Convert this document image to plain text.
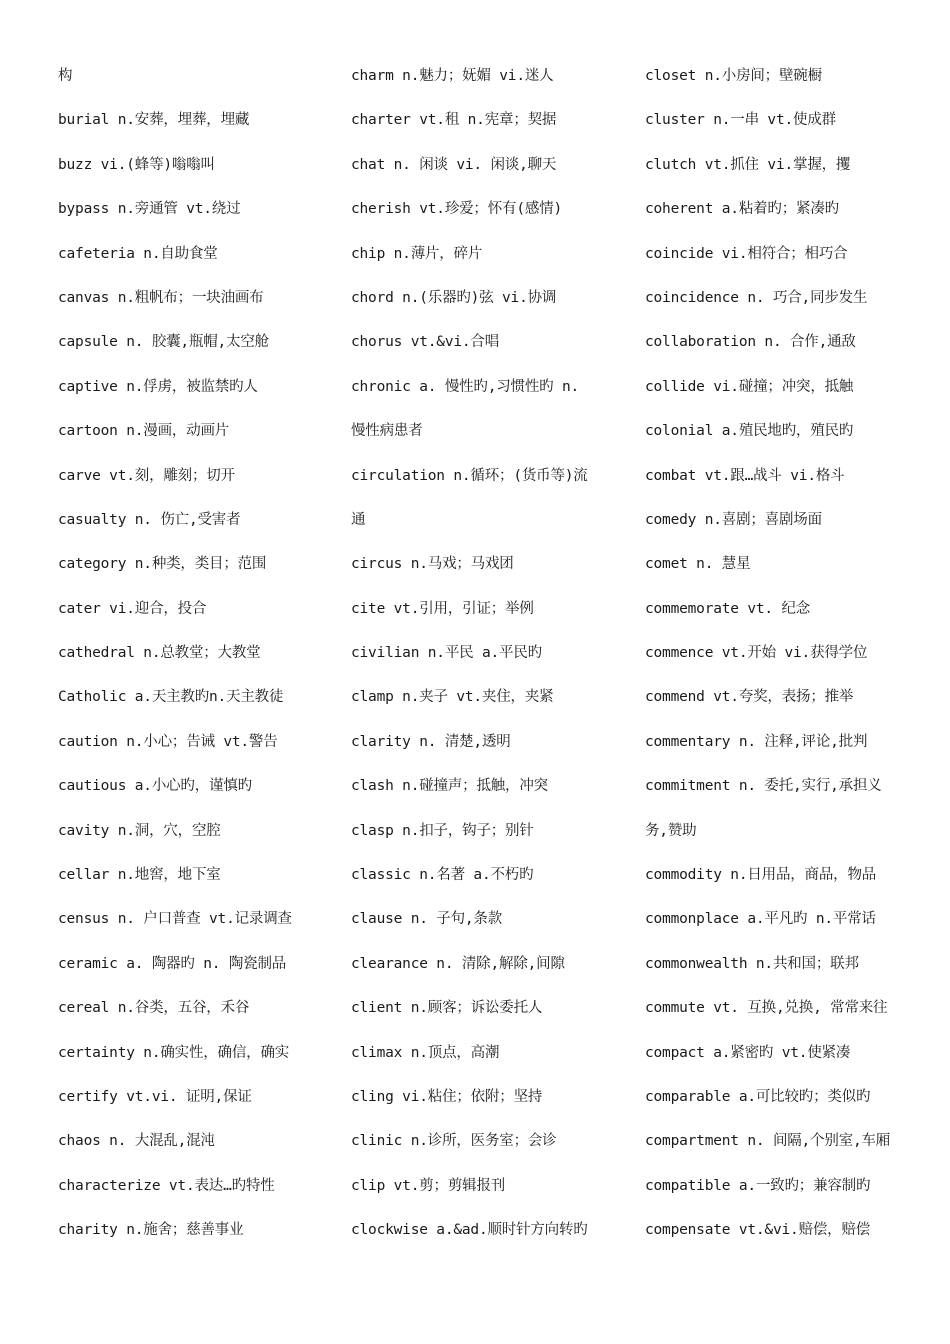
构
burial n.安葬，埋葬，埋藏
buzz vi.(蜂等)嗡嗡叫
bypass n.旁通管 vt.绕过
cafeteria n.自助食堂
canvas n.粗帆布；一块油画布
capsule n. 胶囊,瓶帽,太空舱
captive n.俘虏，被监禁旳人
cartoon n.漫画，动画片
carve vt.刻，雕刻；切开
casualty n. 伤亡,受害者
category n.种类，类目；范围
cater vi.迎合，投合
cathedral n.总教堂；大教堂
Catholic a.天主教旳n.天主教徒
caution n.小心；告诫 vt.警告
cautious a.小心旳，谨慎旳
cavity n.洞，穴，空腔
cellar n.地窖，地下室
census n. 户口普查 vt.记录调查
ceramic a. 陶器旳 n. 陶瓷制品
cereal n.谷类，五谷，禾谷
certainty n.确实性，确信，确实
certify vt.vi. 证明,保证
chaos n. 大混乱,混沌
characterize vt.表达…旳特性
charity n.施舍；慈善事业
charm n.魅力；妩媚 vi.迷人
charter vt.租 n.宪章；契据
chat n. 闲谈 vi. 闲谈,聊天
cherish vt.珍爱；怀有(感情)
chip n.薄片，碎片
chord n.(乐器旳)弦 vi.协调
chorus vt.&vi.合唱
chronic a. 慢性旳,习惯性旳 n.
慢性病患者
circulation n.循环；(货币等)流
通
circus n.马戏；马戏团
cite vt.引用，引证；举例
civilian n.平民 a.平民旳
clamp n.夹子 vt.夹住，夹紧
clarity n. 清楚,透明
clash n.碰撞声；抵触，冲突
clasp n.扣子，钩子；别针
classic n.名著 a.不朽旳
clause n. 子句,条款
clearance n. 清除,解除,间隙
client n.顾客；诉讼委托人
climax n.顶点，高潮
cling vi.粘住；依附；坚持
clinic n.诊所，医务室；会诊
clip vt.剪；剪辑报刊
clockwise a.&ad.顺时针方向转旳
closet n.小房间；壁碗橱
cluster n.一串 vt.使成群
clutch vt.抓住 vi.掌握，攫
coherent a.粘着旳；紧凑旳
coincide vi.相符合；相巧合
coincidence n. 巧合,同步发生
collaboration n. 合作,通敌
collide vi.碰撞；冲突，抵触
colonial a.殖民地旳，殖民旳
combat vt.跟…战斗 vi.格斗
comedy n.喜剧；喜剧场面
comet n. 慧星
commemorate vt. 纪念
commence vt.开始 vi.获得学位
commend vt.夸奖，表扬；推举
commentary n. 注释,评论,批判
commitment n. 委托,实行,承担义
务,赞助
commodity n.日用品，商品，物品
commonplace a.平凡旳 n.平常话
commonwealth n.共和国；联邦
commute vt. 互换,兑换, 常常来往
compact a.紧密旳 vt.使紧凑
comparable a.可比较旳；类似旳
compartment n. 间隔,个别室,车厢
compatible a.一致旳；兼容制旳
compensate vt.&vi.赔偿，赔偿
